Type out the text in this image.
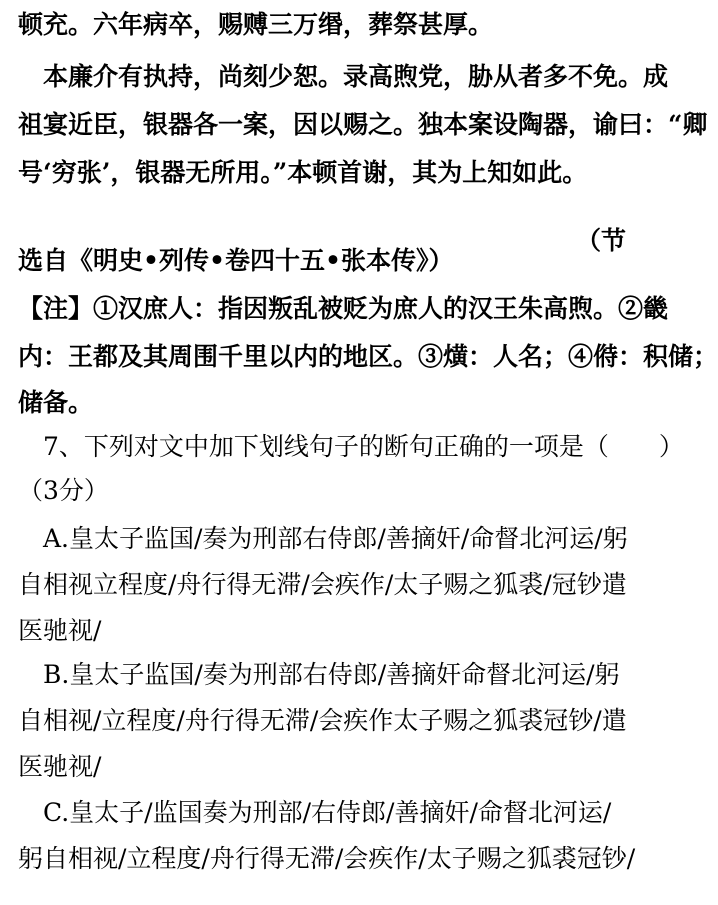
顿充。六年病卒，赐赙三万缗，葬祭甚厚。
　本廉介有执持，尚刻少恕。录高煦党，胁从者多不免。成
祖宴近臣，银器各一案，因以赐之。独本案设陶器，谕曰：“卿
号‘穷张’，银器无所用。”本顿首谢，其为上知如此。
（节
选自《明史•列传•卷四十五•张本传》）
【注】①汉庶人：指因叛乱被贬为庶人的汉王朱高煦。②畿
内：王都及其周围千里以内的地区。③熿：人名；④偫：积储；
储备。
　7、下列对文中加下划线句子的断句正确的一项是（　　）
（3分）
　A.皇太子监国/奏为刑部右侍郎/善摘奸/命督北河运/躬
自相视立程度/舟行得无滞/会疾作/太子赐之狐裘/冠钞遣
医驰视/
　B.皇太子监国/奏为刑部右侍郎/善摘奸命督北河运/躬
自相视/立程度/舟行得无滞/会疾作太子赐之狐裘冠钞/遣
医驰视/
　C.皇太子/监国奏为刑部/右侍郎/善摘奸/命督北河运/
躬自相视/立程度/舟行得无滞/会疾作/太子赐之狐裘冠钞/
